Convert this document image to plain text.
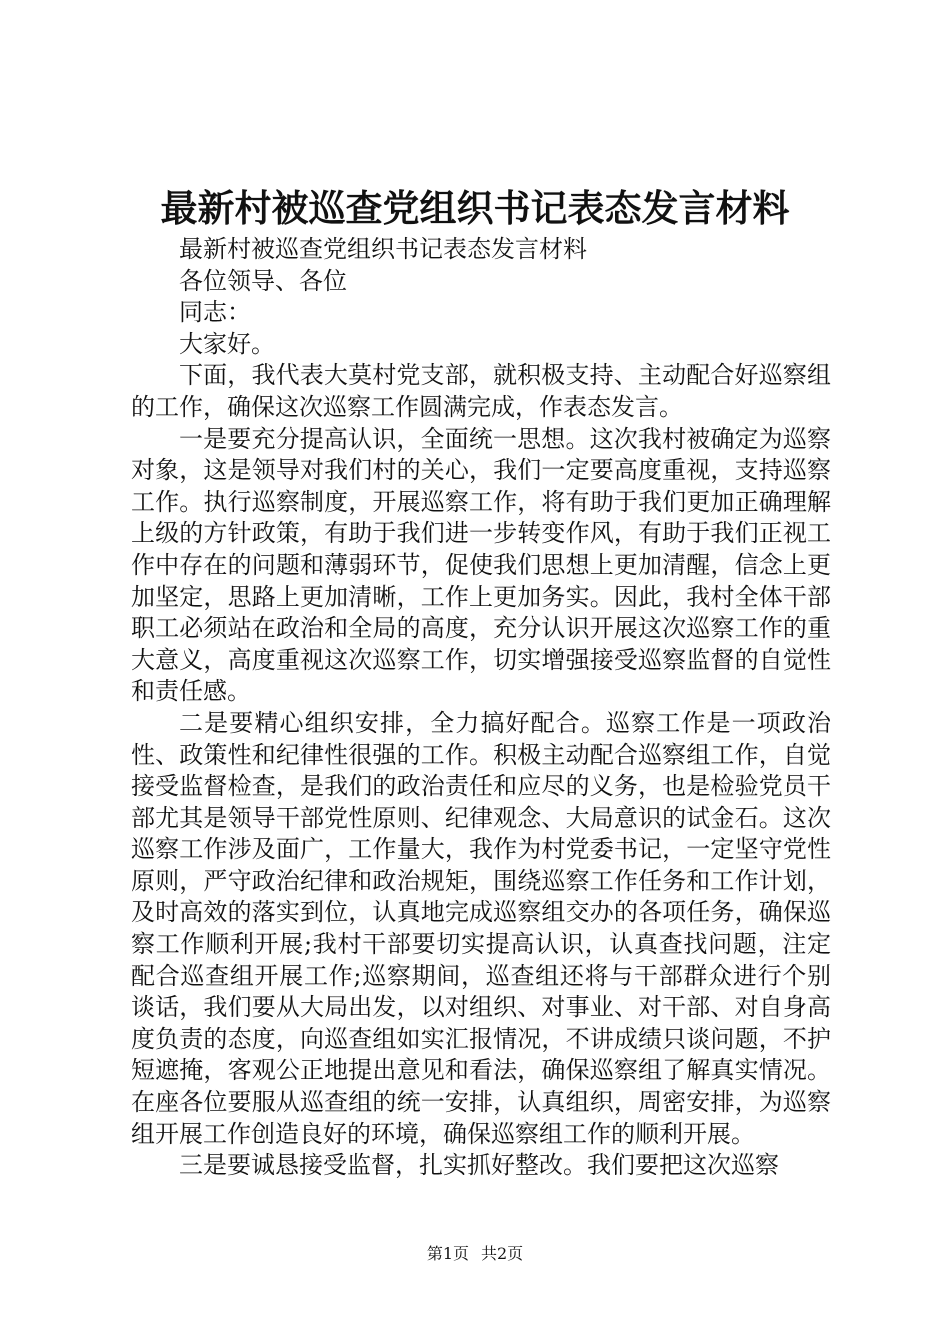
最新村被巡查党组织书记表态发言材料

最新村被巡查党组织书记表态发言材料

各位领导、各位

同志：

大家好。

下面，我代表大莫村党支部，就积极支持、主动配合好巡察组的工作，确保这次巡察工作圆满完成，作表态发言。

一是要充分提高认识，全面统一思想。这次我村被确定为巡察对象，这是领导对我们村的关心，我们一定要高度重视，支持巡察工作。执行巡察制度，开展巡察工作，将有助于我们更加正确理解上级的方针政策，有助于我们进一步转变作风，有助于我们正视工作中存在的问题和薄弱环节，促使我们思想上更加清醒，信念上更加坚定，思路上更加清晰，工作上更加务实。因此，我村全体干部职工必须站在政治和全局的高度，充分认识开展这次巡察工作的重大意义，高度重视这次巡察工作，切实增强接受巡察监督的自觉性和责任感。

二是要精心组织安排，全力搞好配合。巡察工作是一项政治性、政策性和纪律性很强的工作。积极主动配合巡察组工作，自觉接受监督检查，是我们的政治责任和应尽的义务，也是检验党员干部尤其是领导干部党性原则、纪律观念、大局意识的试金石。这次巡察工作涉及面广，工作量大，我作为村党委书记，一定坚守党性原则，严守政治纪律和政治规矩，围绕巡察工作任务和工作计划，及时高效的落实到位，认真地完成巡察组交办的各项任务，确保巡察工作顺利开展;我村干部要切实提高认识，认真查找问题，注定配合巡查组开展工作;巡察期间，巡查组还将与干部群众进行个别谈话，我们要从大局出发，以对组织、对事业、对干部、对自身高度负责的态度，向巡查组如实汇报情况，不讲成绩只谈问题，不护短遮掩，客观公正地提出意见和看法，确保巡察组了解真实情况。在座各位要服从巡查组的统一安排，认真组织，周密安排，为巡察组开展工作创造良好的环境，确保巡察组工作的顺利开展。

三是要诚恳接受监督，扎实抓好整改。我们要把这次巡察

第1页 共2页
